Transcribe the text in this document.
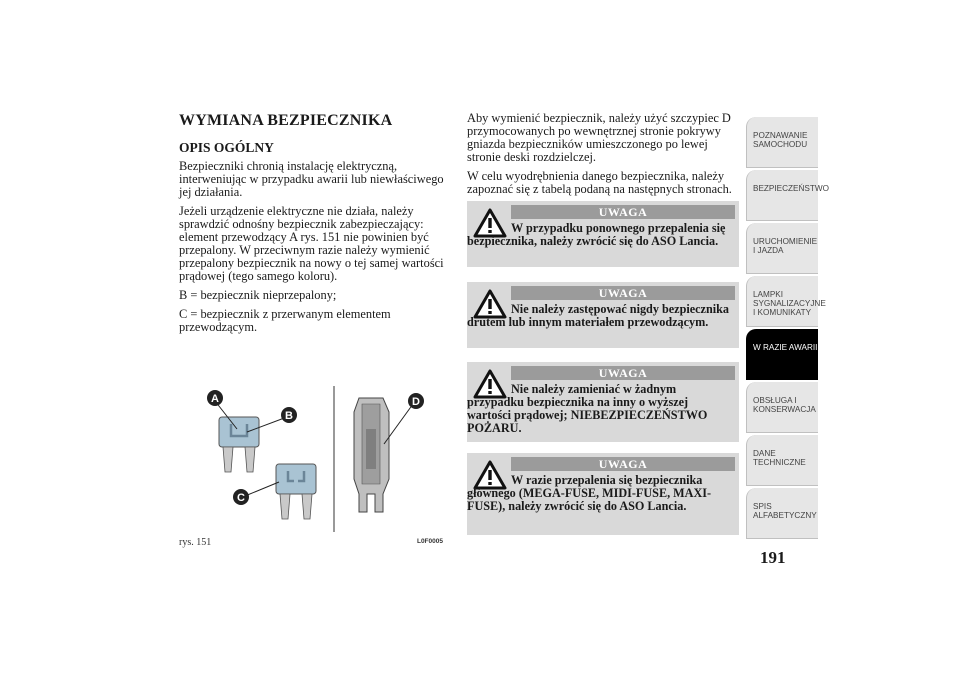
WYMIANA BEZPIECZNIKA
OPIS OGÓLNY

Bezpieczniki chronią instalację elektryczną, interweniując w przypadku awarii lub niewłaściwego jej działania.

Jeżeli urządzenie elektryczne nie działa, należy sprawdzić odnośny bezpiecznik zabezpieczający: element przewodzący A rys. 151 nie powinien być przepalony. W przeciwnym razie należy wymienić przepalony bezpiecznik na nowy o tej samej wartości prądowej (tego samego koloru).

B = bezpiecznik nieprzepalony;

C = bezpiecznik z przerwanym elementem przewodzącym.

A
B
C
D
rys. 151	L0F0005

Aby wymienić bezpiecznik, należy użyć szczypiec D przymocowanych po wewnętrznej stronie pokrywy gniazda bezpieczników umieszczonego po lewej stronie deski rozdzielczej.

W celu wyodrębnienia danego bezpiecznika, należy zapoznać się z tabelą podaną na następnych stronach.

UWAGA
W przypadku ponownego przepalenia się bezpiecznika, należy zwrócić się do ASO Lancia.
UWAGA
Nie należy zastępować nigdy bezpiecznika drutem lub innym materiałem przewodzącym.
UWAGA
Nie należy zamieniać w żadnym przypadku bezpiecznika na inny o wyższej wartości prądowej; NIEBEZPIECZEŃSTWO POŻARU.
UWAGA
W razie przepalenia się bezpiecznika głównego (MEGA-FUSE, MIDI-FUSE, MAXI-FUSE), należy zwrócić się do ASO Lancia.
POZNAWANIE SAMOCHODU
BEZPIECZEŃSTWO
URUCHOMIENIE I JAZDA
LAMPKI SYGNALIZACYJNE I KOMUNIKATY
W RAZIE AWARII
OBSŁUGA I KONSERWACJA
DANE TECHNICZNE
SPIS ALFABETYCZNY
191
